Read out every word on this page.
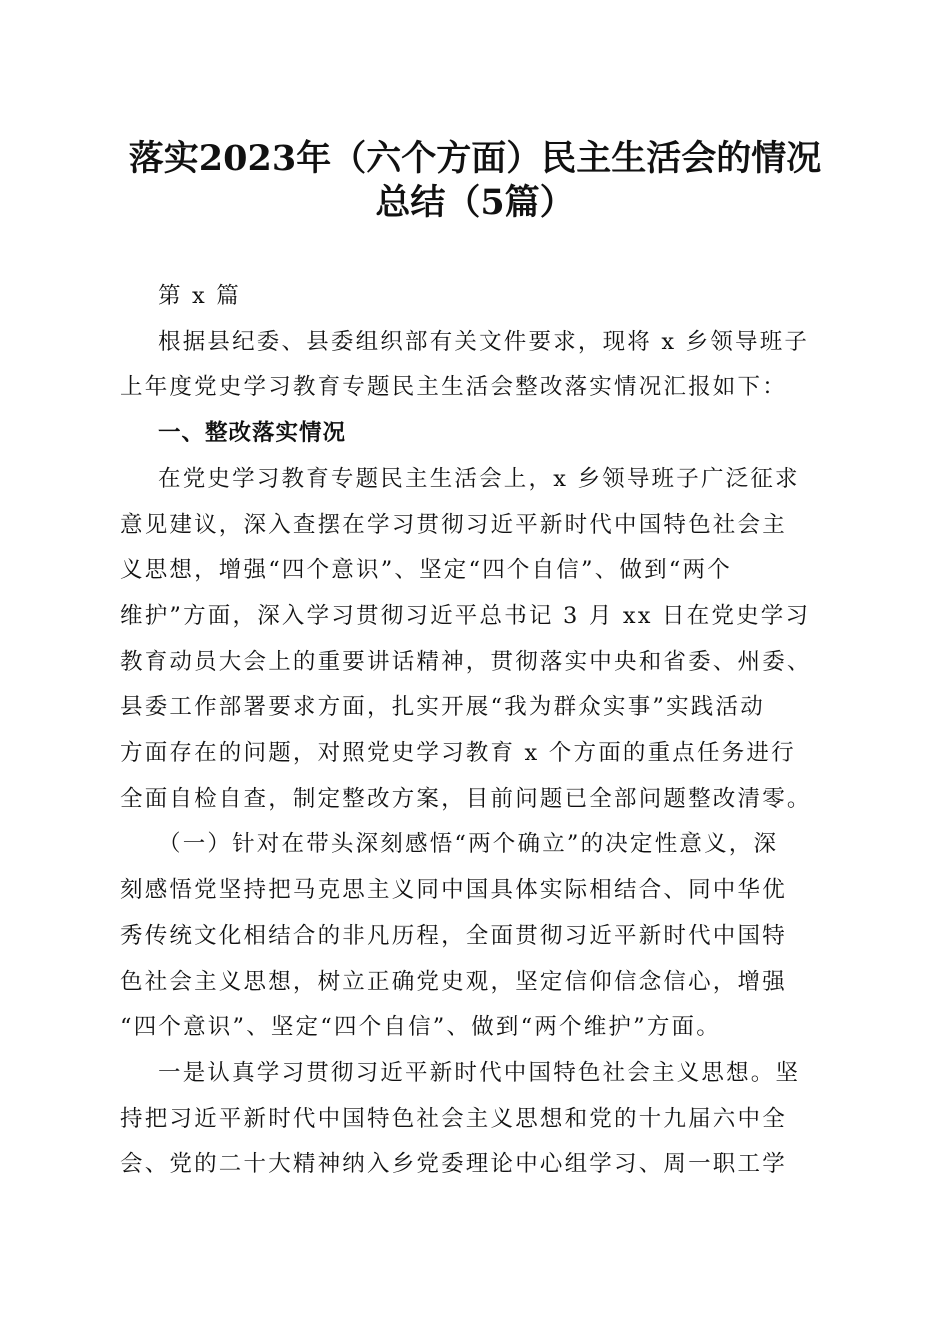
落实2023年（六个方面）民主生活会的情况
总结（5篇）
第 x 篇
根据县纪委、县委组织部有关文件要求，现将 x 乡领导班子
上年度党史学习教育专题民主生活会整改落实情况汇报如下：
一、整改落实情况
在党史学习教育专题民主生活会上，x 乡领导班子广泛征求
意见建议，深入查摆在学习贯彻习近平新时代中国特色社会主
义思想，增强“四个意识”、坚定“四个自信”、做到“两个
维护”方面，深入学习贯彻习近平总书记 3 月 xx 日在党史学习
教育动员大会上的重要讲话精神，贯彻落实中央和省委、州委、
县委工作部署要求方面，扎实开展“我为群众实事”实践活动
方面存在的问题，对照党史学习教育 x 个方面的重点任务进行
全面自检自查，制定整改方案，目前问题已全部问题整改清零。
（一）针对在带头深刻感悟“两个确立”的决定性意义，深
刻感悟党坚持把马克思主义同中国具体实际相结合、同中华优
秀传统文化相结合的非凡历程，全面贯彻习近平新时代中国特
色社会主义思想，树立正确党史观，坚定信仰信念信心，增强
“四个意识”、坚定“四个自信”、做到“两个维护”方面。
一是认真学习贯彻习近平新时代中国特色社会主义思想。坚
持把习近平新时代中国特色社会主义思想和党的十九届六中全
会、党的二十大精神纳入乡党委理论中心组学习、周一职工学
